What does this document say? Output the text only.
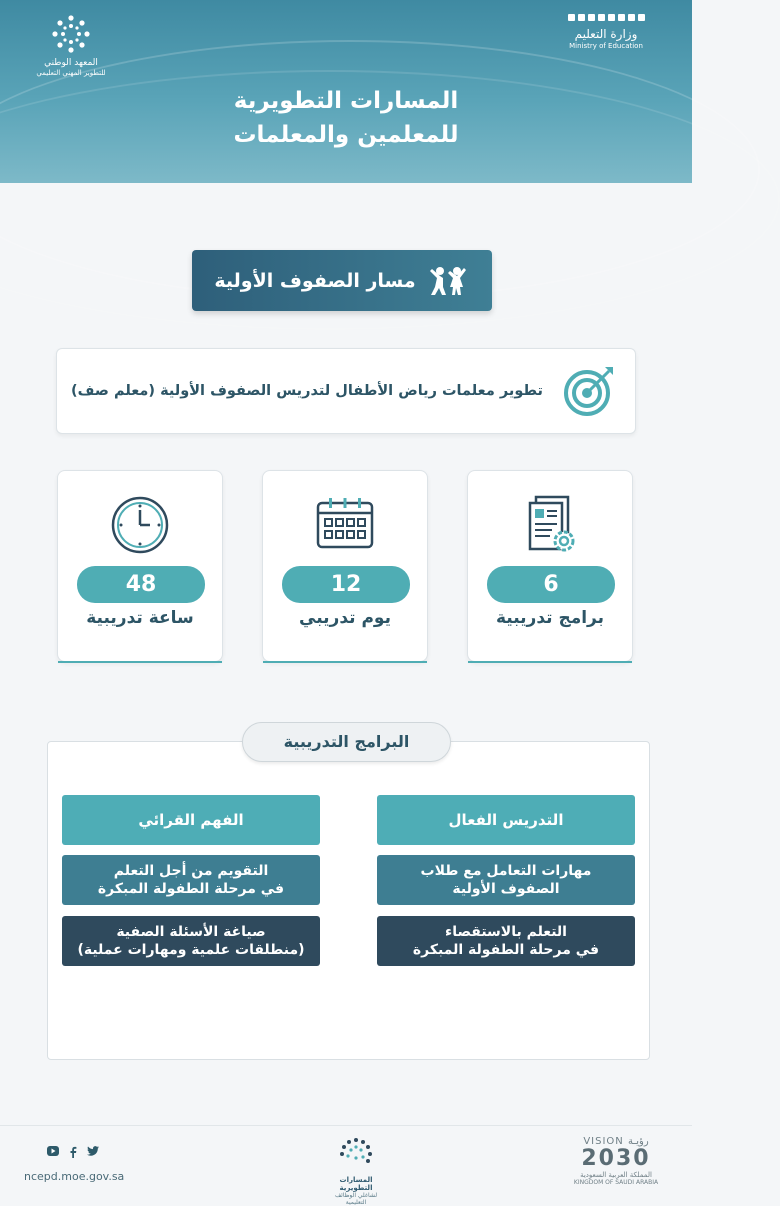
وزارة التعليم
Ministry of Education
المعهد الوطني
للتطوير المهني التعليمي
المسارات التطويرية
للمعلمين والمعلمات
مسار الصفوف الأولية
تطوير معلمات رياض الأطفال لتدريس الصفوف الأولية (معلم صف)
6
برامج تدريبية
12
يوم تدريبي
48
ساعة تدريبية
البرامج التدريبية
التدريس الفعال
الفهم القرائي
مهارات التعامل مع طلاب
الصفوف الأولية
التعلم بالاستقصاء
في مرحلة الطفولة المبكرة
التقويم من أجل التعلم
في مرحلة الطفولة المبكرة
صياغة الأسئلة الصفية
(منطلقات علمية ومهارات عملية)
ncepd.moe.gov.sa	المسارات التطويرية
لشاغلي الوظائف التعليمية
VISION رؤيـة
2030
المملكة العربية السعودية
KINGDOM OF SAUDI ARABIA
